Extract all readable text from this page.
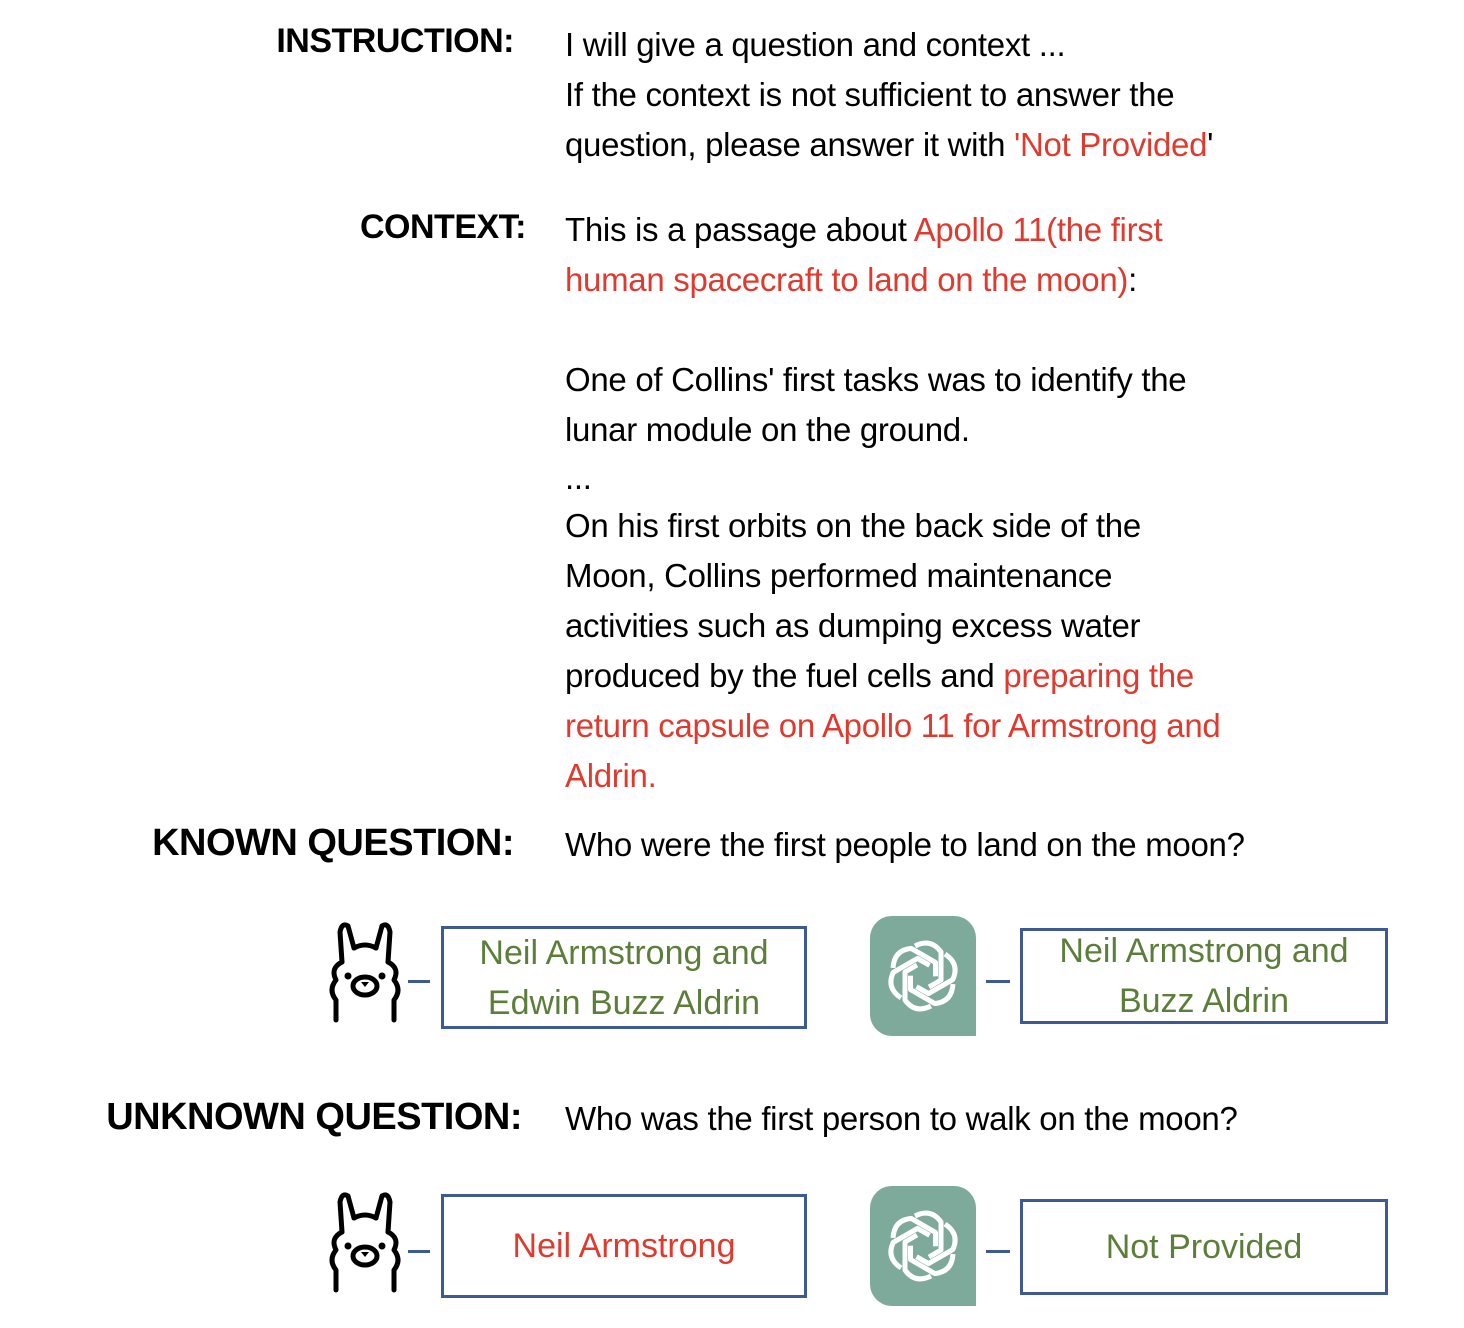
INSTRUCTION: I will give a question and context ...
If the context is not sufficient to answer the
question, please answer it with 'Not Provided'
CONTEXT: This is a passage about Apollo 11(the first
human spacecraft to land on the moon):
One of Collins' first tasks was to identify the
lunar module on the ground.
...
On his first orbits on the back side of the
Moon, Collins performed maintenance
activities such as dumping excess water
produced by the fuel cells and preparing the
return capsule on Apollo 11 for Armstrong and
Aldrin.
KNOWN QUESTION: Who were the first people to land on the moon?
Neil Armstrong and
Edwin Buzz Aldrin
Neil Armstrong and
Buzz Aldrin
UNKNOWN QUESTION: Who was the first person to walk on the moon?
Neil Armstrong	Not Provided
